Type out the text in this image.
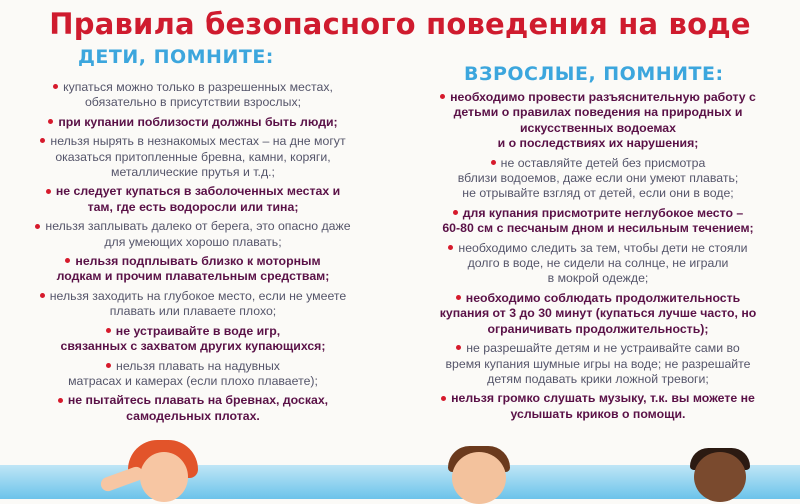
Правила безопасного поведения на воде
ДЕТИ, ПОМНИТЕ:
ВЗРОСЛЫЕ, ПОМНИТЕ:
купаться можно только в разрешенных местах,
обязательно в присутствии взрослых;
при купании поблизости должны быть люди;
нельзя нырять в незнакомых местах – на дне могут
оказаться притопленные бревна, камни, коряги,
металлические прутья и т.д.;
не следует купаться в заболоченных местах и
там, где есть водоросли или тина;
нельзя заплывать далеко от берега, это опасно даже
для умеющих хорошо плавать;
нельзя подплывать близко к моторным
лодкам и прочим плавательным средствам;
нельзя заходить на глубокое место, если не умеете
плавать или плаваете плохо;
не устраивайте в воде игр,
связанных с захватом других купающихся;
нельзя плавать на надувных
матрасах и камерах (если плохо плаваете);
не пытайтесь плавать на бревнах, досках,
самодельных плотах.
необходимо провести разъяснительную работу с
детьми о правилах поведения на природных и
искусственных водоемах
и о последствиях их нарушения;
не оставляйте детей без присмотра
вблизи водоемов, даже если они умеют плавать;
не отрывайте взгляд от детей, если они в воде;
для купания присмотрите неглубокое место –
60-80 см с песчаным дном и несильным течением;
необходимо следить за тем, чтобы дети не стояли
долго в воде, не сидели на солнце, не играли
в мокрой одежде;
необходимо соблюдать продолжительность
купания от 3 до 30 минут (купаться лучше часто, но
ограничивать продолжительность);
не разрешайте детям и не устраивайте сами во
время купания шумные игры на воде; не разрешайте
детям подавать крики ложной тревоги;
нельзя громко слушать музыку, т.к. вы можете не
услышать криков о помощи.
